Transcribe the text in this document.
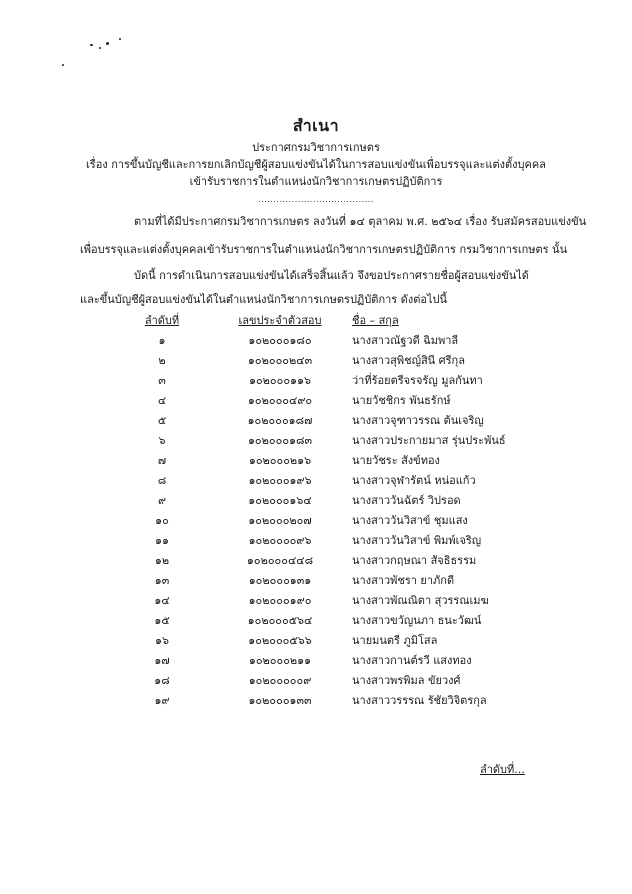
สำเนา
ประกาศกรมวิชาการเกษตร
เรื่อง การขึ้นบัญชีและการยกเลิกบัญชีผู้สอบแข่งขันได้ในการสอบแข่งขันเพื่อบรรจุและแต่งตั้งบุคคล
เข้ารับราชการในตำแหน่งนักวิชาการเกษตรปฏิบัติการ
......................................
ตามที่ได้มีประกาศกรมวิชาการเกษตร ลงวันที่ ๑๔ ตุลาคม พ.ศ. ๒๕๖๔ เรื่อง รับสมัครสอบแข่งขัน
เพื่อบรรจุและแต่งตั้งบุคคลเข้ารับราชการในตำแหน่งนักวิชาการเกษตรปฏิบัติการ กรมวิชาการเกษตร นั้น
บัดนี้ การดำเนินการสอบแข่งขันได้เสร็จสิ้นแล้ว จึงขอประกาศรายชื่อผู้สอบแข่งขันได้
และขึ้นบัญชีผู้สอบแข่งขันได้ในตำแหน่งนักวิชาการเกษตรปฏิบัติการ ดังต่อไปนี้
ลำดับที่	เลขประจำตัวสอบ	ชื่อ – สกุล
๑	๑๐๒๐๐๐๑๘๐	นางสาวณัฐวดี ฉิมพาลี
๒	๑๐๒๐๐๐๒๔๓	นางสาวสุพิชญ์สินี ศรีกุล
๓	๑๐๒๐๐๐๑๑๖	ว่าที่ร้อยตรีจรจรัญ มูลกันทา
๔	๑๐๒๐๐๐๔๙๐	นายวัชชิกร พันธรักษ์
๕	๑๐๒๐๐๐๑๘๗	นางสาวจุฑาวรรณ ต้นเจริญ
๖	๑๐๒๐๐๐๑๘๓	นางสาวประกายมาส รุ่นประพันธ์
๗	๑๐๒๐๐๐๒๑๖	นายวัชระ สังข์ทอง
๘	๑๐๒๐๐๐๑๙๖	นางสาวจุฬารัตน์ หน่อแก้ว
๙	๑๐๒๐๐๐๑๖๔	นางสาววันฉัตร์ วิปรอด
๑๐	๑๐๒๐๐๐๒๐๗	นางสาววันวิสาข์ ชุมแสง
๑๑	๑๐๒๐๐๐๐๙๖	นางสาววันวิสาข์ พิมพ์เจริญ
๑๒	๑๐๒๐๐๐๔๔๘	นางสาวกฤษณา สัจธิธรรม
๑๓	๑๐๒๐๐๐๑๓๑	นางสาวพัชรา ยาภักดี
๑๔	๑๐๒๐๐๐๑๙๐	นางสาวพัณณิตา สุวรรณเมฆ
๑๕	๑๐๒๐๐๐๕๖๔	นางสาวขวัญนภา ธนะวัฒน์
๑๖	๑๐๒๐๐๐๕๖๖	นายมนตรี ภูมิโสล
๑๗	๑๐๒๐๐๐๒๑๑	นางสาวกานต์รวี แสงทอง
๑๘	๑๐๒๐๐๐๐๐๙	นางสาวพรพิมล ขัยวงศ์
๑๙	๑๐๒๐๐๐๑๓๓	นางสาววรรรณ รัชัยวิจิตรกุล
ลำดับที่...
